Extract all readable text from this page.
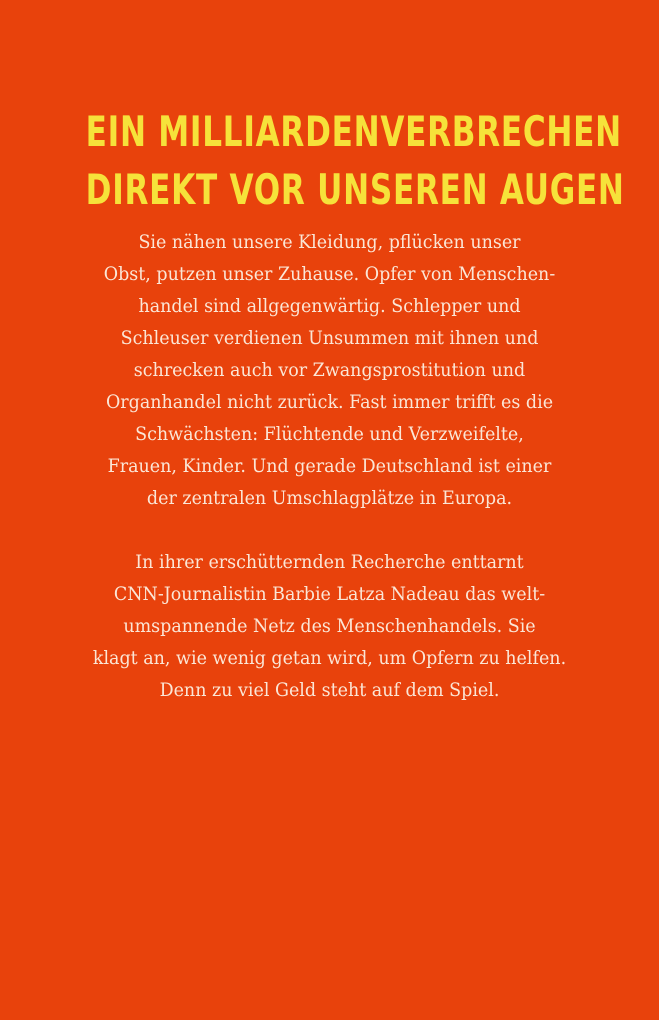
EIN MILLIARDENVERBRECHEN
DIREKT VOR UNSEREN AUGEN
Sie nähen unsere Kleidung, pflücken unser
Obst, putzen unser Zuhause. Opfer von Menschen-
handel sind allgegenwärtig. Schlepper und
Schleuser verdienen Unsummen mit ihnen und
schrecken auch vor Zwangsprostitution und
Organhandel nicht zurück. Fast immer trifft es die
Schwächsten: Flüchtende und Verzweifelte,
Frauen, Kinder. Und gerade Deutschland ist einer
der zentralen Umschlagplätze in Europa.
In ihrer erschütternden Recherche enttarnt
CNN-Journalistin Barbie Latza Nadeau das welt-
umspannende Netz des Menschenhandels. Sie
klagt an, wie wenig getan wird, um Opfern zu helfen.
Denn zu viel Geld steht auf dem Spiel.
